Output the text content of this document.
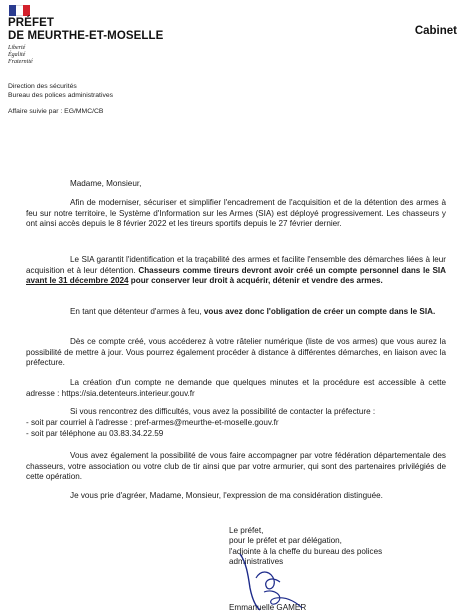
PRÉFET
DE MEURTHE-ET-MOSELLE
Liberté
Égalité
Fraternité
Cabinet
Direction des sécurités
Bureau des polices administratives
Affaire suivie par : EG/MMC/CB
Madame, Monsieur,
Afin de moderniser, sécuriser et simplifier l'encadrement de l'acquisition et de la détention des armes à feu sur notre territoire, le Système d'Information sur les Armes (SIA) est déployé progressivement. Les chasseurs y ont ainsi accès depuis le 8 février 2022 et les tireurs sportifs depuis le 27 février dernier.
Le SIA garantit l'identification et la traçabilité des armes et facilite l'ensemble des démarches liées à leur acquisition et à leur détention. Chasseurs comme tireurs devront avoir créé un compte personnel dans le SIA avant le 31 décembre 2024 pour conserver leur droit à acquérir, détenir et vendre des armes.
En tant que détenteur d'armes à feu, vous avez donc l'obligation de créer un compte dans le SIA.
Dès ce compte créé, vous accéderez à votre râtelier numérique (liste de vos armes) que vous aurez la possibilité de mettre à jour. Vous pourrez également procéder à distance à différentes démarches, en liaison avec la préfecture.
La création d'un compte ne demande que quelques minutes et la procédure est accessible à cette adresse : https://sia.detenteurs.interieur.gouv.fr
Si vous rencontrez des difficultés, vous avez la possibilité de contacter la préfecture :
- soit par courriel à l'adresse : pref-armes@meurthe-et-moselle.gouv.fr
- soit par téléphone au 03.83.34.22.59
Vous avez également la possibilité de vous faire accompagner par votre fédération départementale des chasseurs, votre association ou votre club de tir ainsi que par votre armurier, qui sont des partenaires privilégiés de cette opération.
Je vous prie d'agréer, Madame, Monsieur, l'expression de ma considération distinguée.
Le préfet,
pour le préfet et par délégation,
l'adjointe à la cheffe du bureau des polices
administratives
Emmanuelle GAMER
